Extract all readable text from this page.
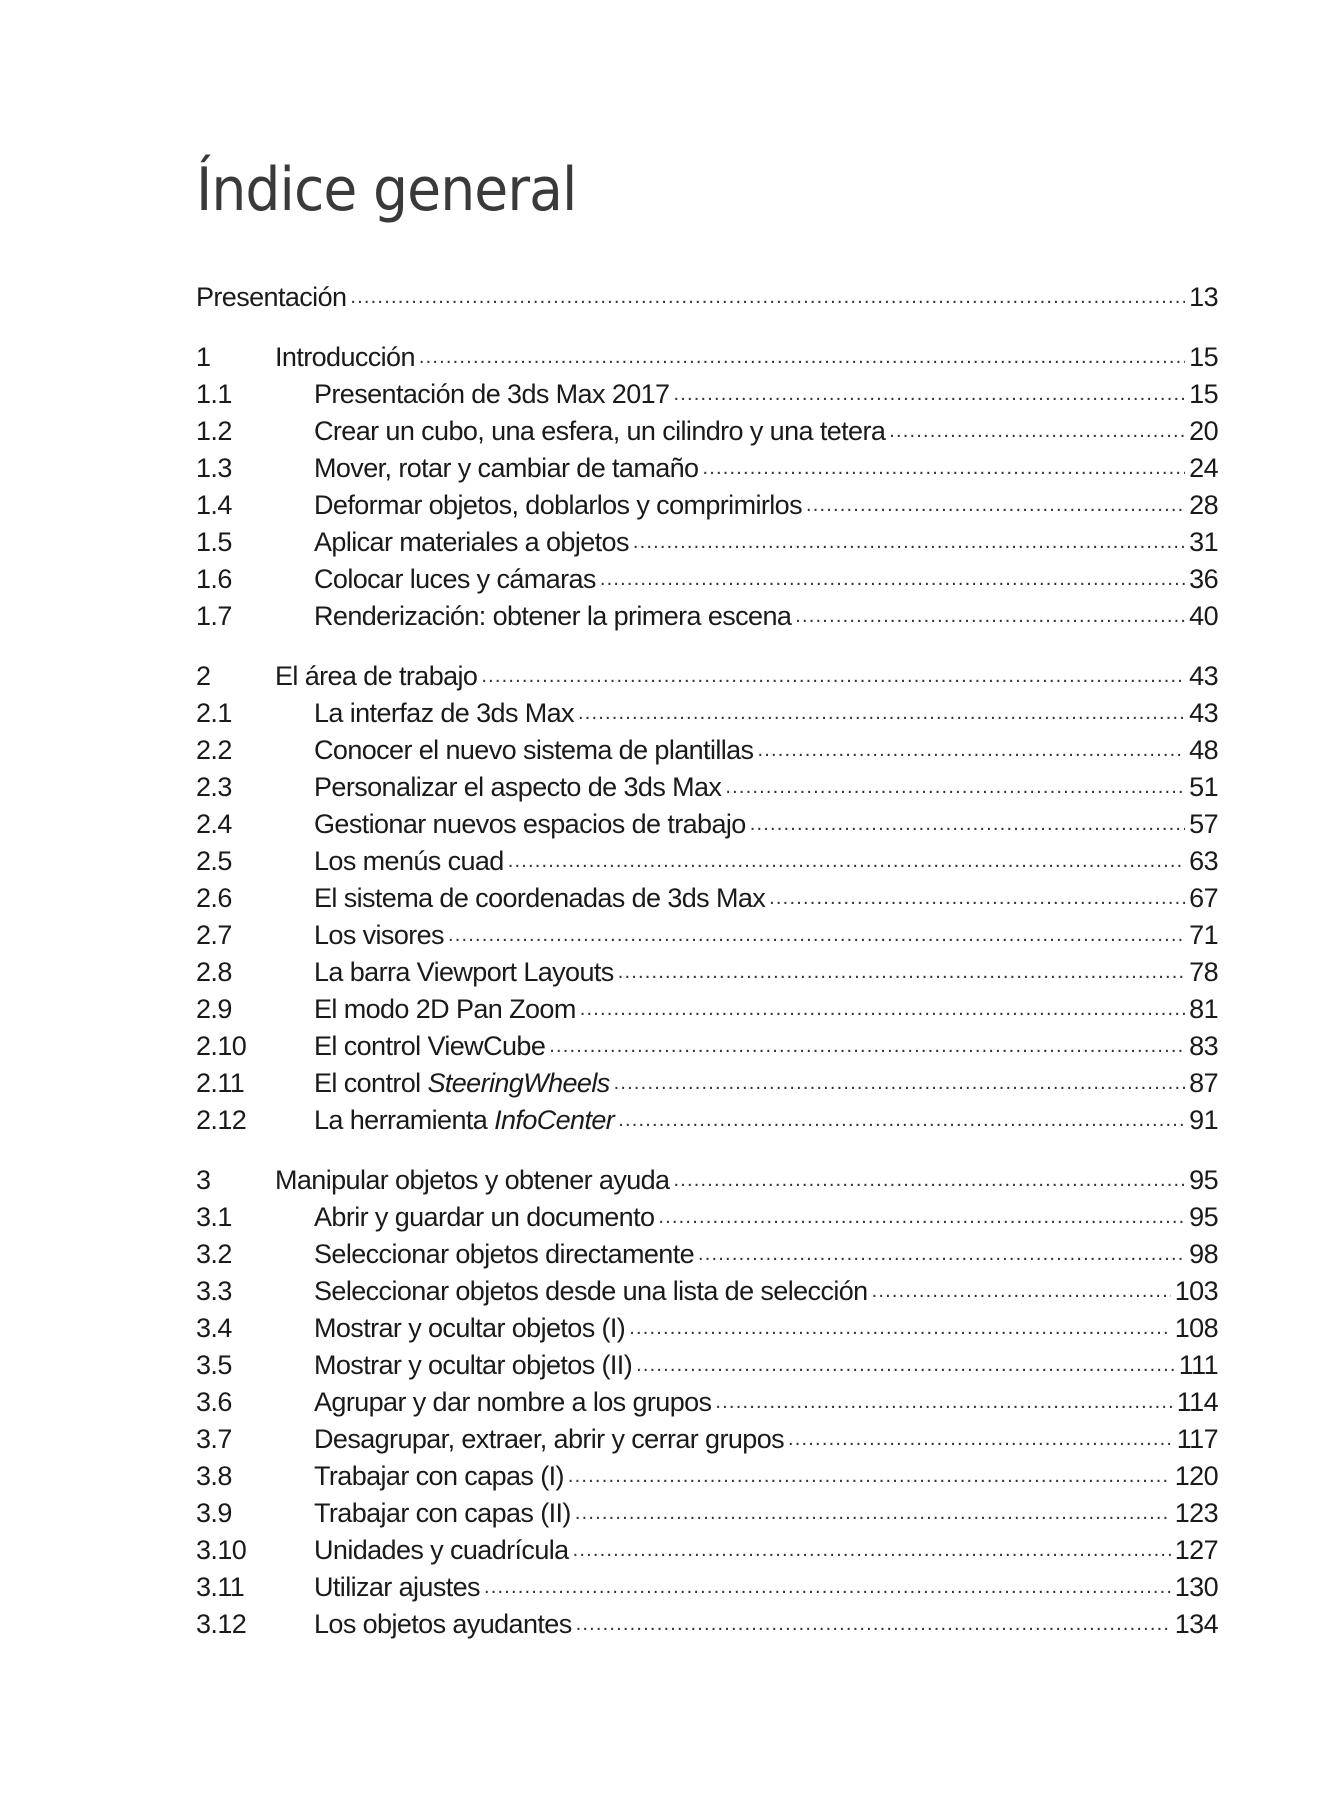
Índice general
Presentación .....	13
1	Introducción .....	15
1.1	Presentación de 3ds Max 2017 .....	15
1.2	Crear un cubo, una esfera, un cilindro y una tetera .....	20
1.3	Mover, rotar y cambiar de tamaño .....	24
1.4	Deformar objetos, doblarlos y comprimirlos .....	28
1.5	Aplicar materiales a objetos .....	31
1.6	Colocar luces y cámaras .....	36
1.7	Renderización: obtener la primera escena .....	40
2	El área de trabajo .....	43
2.1	La interfaz de 3ds Max .....	43
2.2	Conocer el nuevo sistema de plantillas .....	48
2.3	Personalizar el aspecto de 3ds Max .....	51
2.4	Gestionar nuevos espacios de trabajo .....	57
2.5	Los menús cuad .....	63
2.6	El sistema de coordenadas de 3ds Max .....	67
2.7	Los visores .....	71
2.8	La barra Viewport Layouts .....	78
2.9	El modo 2D Pan Zoom .....	81
2.10	El control ViewCube .....	83
2.11	El control SteeringWheels .....	87
2.12	La herramienta InfoCenter .....	91
3	Manipular objetos y obtener ayuda .....	95
3.1	Abrir y guardar un documento .....	95
3.2	Seleccionar objetos directamente .....	98
3.3	Seleccionar objetos desde una lista de selección .....	103
3.4	Mostrar y ocultar objetos (I) .....	108
3.5	Mostrar y ocultar objetos (II) .....	111
3.6	Agrupar y dar nombre a los grupos .....	114
3.7	Desagrupar, extraer, abrir y cerrar grupos .....	117
3.8	Trabajar con capas (I) .....	120
3.9	Trabajar con capas (II) .....	123
3.10	Unidades y cuadrícula .....	127
3.11	Utilizar ajustes .....	130
3.12	Los objetos ayudantes .....	134
